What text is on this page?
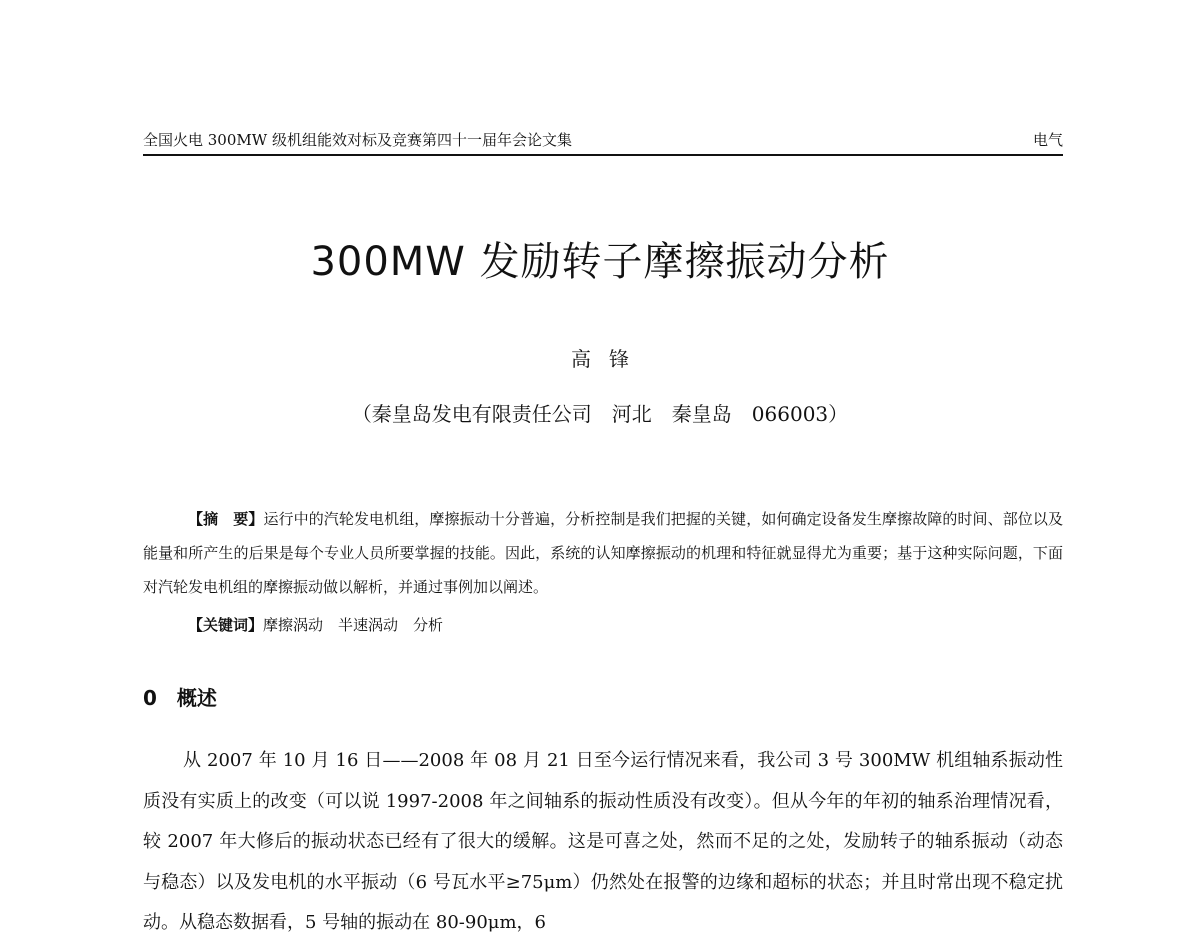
全国火电 300MW 级机组能效对标及竞赛第四十一届年会论文集	电气
300MW 发励转子摩擦振动分析
高锋
（秦皇岛发电有限责任公司　河北　秦皇岛　066003）
【摘　要】运行中的汽轮发电机组，摩擦振动十分普遍，分析控制是我们把握的关键，如何确定设备发生摩擦故障的时间、部位以及能量和所产生的后果是每个专业人员所要掌握的技能。因此，系统的认知摩擦振动的机理和特征就显得尤为重要；基于这种实际问题，下面对汽轮发电机组的摩擦振动做以解析，并通过事例加以阐述。
【关键词】摩擦涡动　半速涡动　分析
0　概述
从 2007 年 10 月 16 日——2008 年 08 月 21 日至今运行情况来看，我公司 3 号 300MW 机组轴系振动性质没有实质上的改变（可以说 1997-2008 年之间轴系的振动性质没有改变）。但从今年的年初的轴系治理情况看，较 2007 年大修后的振动状态已经有了很大的缓解。这是可喜之处，然而不足的之处，发励转子的轴系振动（动态与稳态）以及发电机的水平振动（6 号瓦水平≥75μm）仍然处在报警的边缘和超标的状态；并且时常出现不稳定扰动。从稳态数据看，5 号轴的振动在 80-90μm，6
